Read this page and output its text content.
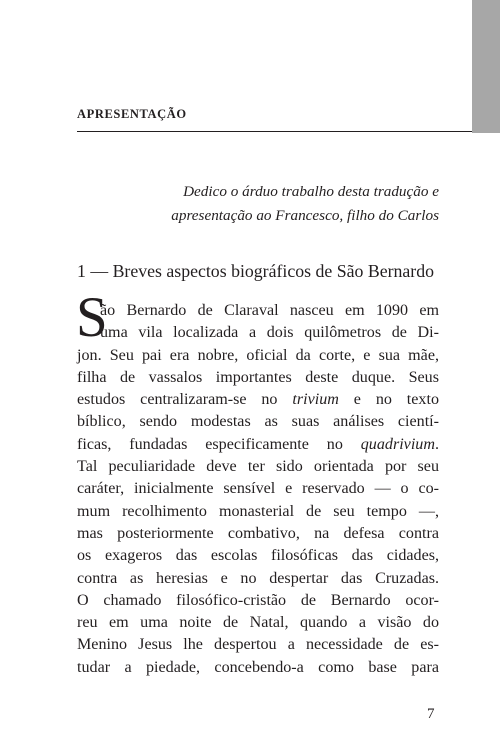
APRESENTAÇÃO
Dedico o árduo trabalho desta tradução e
apresentação ao Francesco, filho do Carlos
1 — Breves aspectos biográficos de São Bernardo
S
ão Bernardo de Claraval nasceu em 1090 em
uma vila localizada a dois quilômetros de Di-
jon. Seu pai era nobre, oficial da corte, e sua mãe,
filha de vassalos importantes deste duque. Seus
estudos centralizaram-se no trivium e no texto
bíblico, sendo modestas as suas análises cientí-
ficas, fundadas especificamente no quadrivium.
Tal peculiaridade deve ter sido orientada por seu
caráter, inicialmente sensível e reservado — o co-
mum recolhimento monasterial de seu tempo —,
mas posteriormente combativo, na defesa contra
os exageros das escolas filosóficas das cidades,
contra as heresias e no despertar das Cruzadas.
O chamado filosófico-cristão de Bernardo ocor-
reu em uma noite de Natal, quando a visão do
Menino Jesus lhe despertou a necessidade de es-
tudar a piedade, concebendo-a como base para
7
